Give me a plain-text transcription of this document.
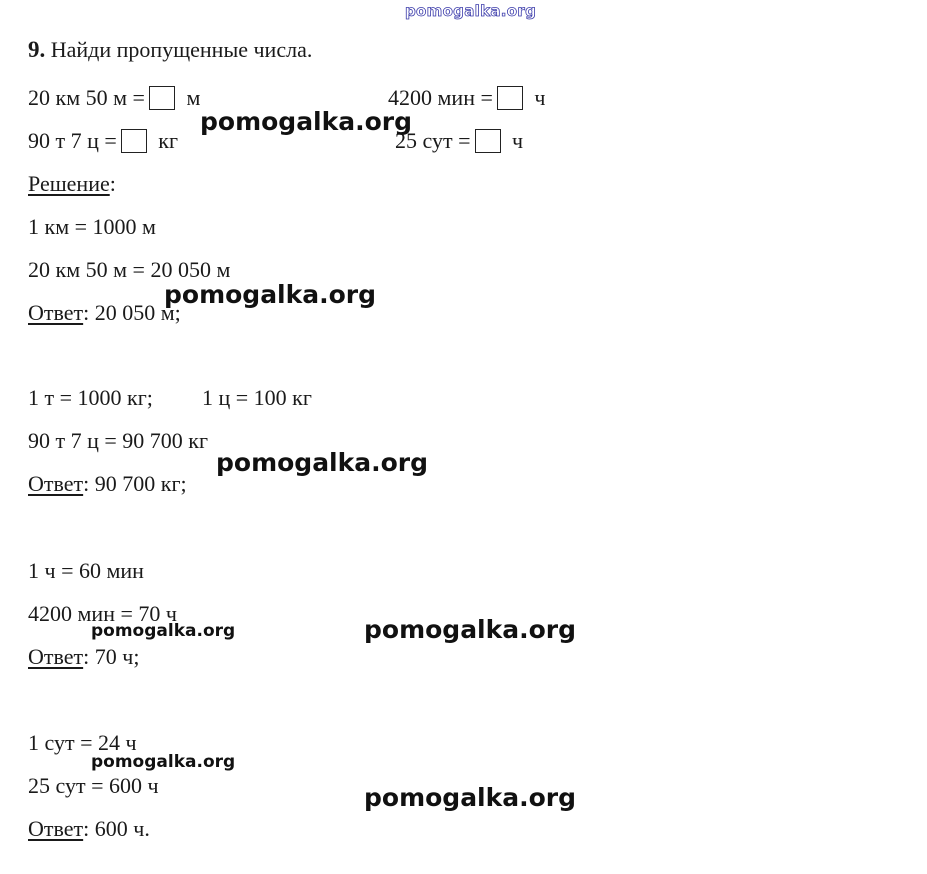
pomogalka.org
9. Найди пропущенные числа.
20 км 50 м = м	4200 мин = ч
90 т 7 ц = кг	25 сут = ч
Решение:
1 км = 1000 м
20 км 50 м = 20 050 м
Ответ: 20 050 м;
1 т = 1000 кг; 1 ц = 100 кг
90 т 7 ц = 90 700 кг
Ответ: 90 700 кг;
1 ч = 60 мин
4200 мин = 70 ч
Ответ: 70 ч;
1 сут = 24 ч
25 сут = 600 ч
Ответ: 600 ч.
pomogalka.org
pomogalka.org
pomogalka.org
pomogalka.org
pomogalka.org
pomogalka.org
pomogalka.org
